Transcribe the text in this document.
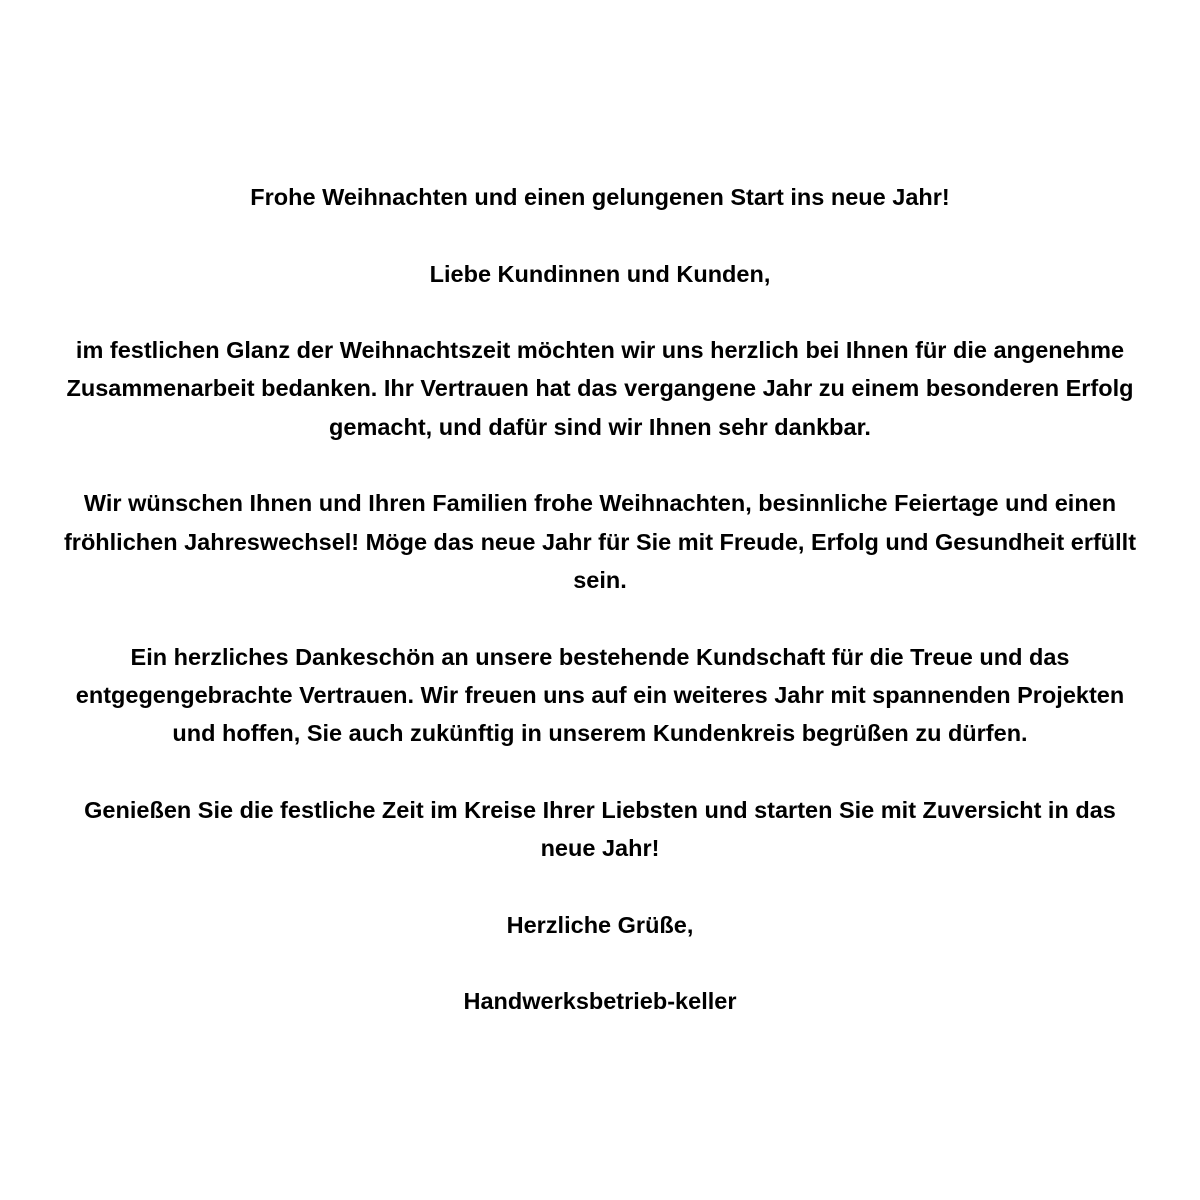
Frohe Weihnachten und einen gelungenen Start ins neue Jahr!

Liebe Kundinnen und Kunden,

im festlichen Glanz der Weihnachtszeit möchten wir uns herzlich bei Ihnen für die angenehme Zusammenarbeit bedanken. Ihr Vertrauen hat das vergangene Jahr zu einem besonderen Erfolg gemacht, und dafür sind wir Ihnen sehr dankbar.

Wir wünschen Ihnen und Ihren Familien frohe Weihnachten, besinnliche Feiertage und einen fröhlichen Jahreswechsel! Möge das neue Jahr für Sie mit Freude, Erfolg und Gesundheit erfüllt sein.

Ein herzliches Dankeschön an unsere bestehende Kundschaft für die Treue und das entgegengebrachte Vertrauen. Wir freuen uns auf ein weiteres Jahr mit spannenden Projekten und hoffen, Sie auch zukünftig in unserem Kundenkreis begrüßen zu dürfen.

Genießen Sie die festliche Zeit im Kreise Ihrer Liebsten und starten Sie mit Zuversicht in das neue Jahr!

Herzliche Grüße,

Handwerksbetrieb-keller
